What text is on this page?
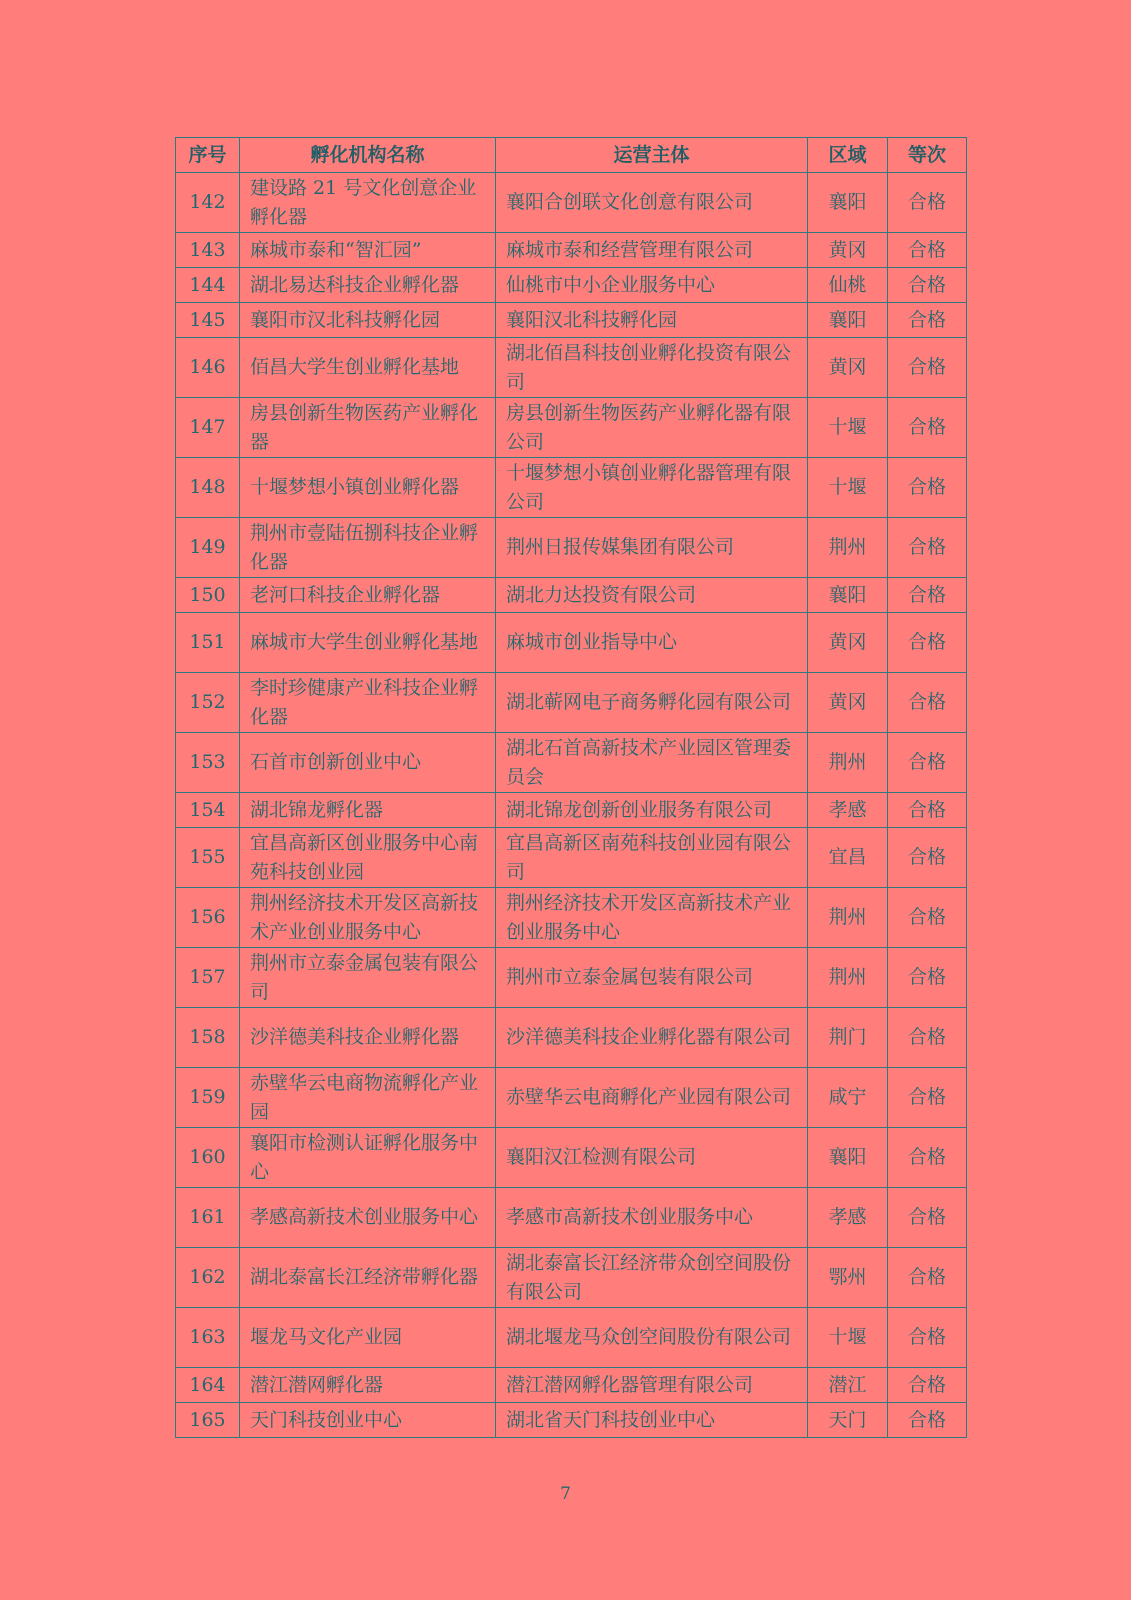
序号	孵化机构名称	运营主体	区域	等次
142	建设路 21 号文化创意企业孵化器	襄阳合创联文化创意有限公司	襄阳	合格
143	麻城市泰和“智汇园”	麻城市泰和经营管理有限公司	黄冈	合格
144	湖北易达科技企业孵化器	仙桃市中小企业服务中心	仙桃	合格
145	襄阳市汉北科技孵化园	襄阳汉北科技孵化园	襄阳	合格
146	佰昌大学生创业孵化基地	湖北佰昌科技创业孵化投资有限公司	黄冈	合格
147	房县创新生物医药产业孵化器	房县创新生物医药产业孵化器有限公司	十堰	合格
148	十堰梦想小镇创业孵化器	十堰梦想小镇创业孵化器管理有限公司	十堰	合格
149	荆州市壹陆伍捌科技企业孵化器	荆州日报传媒集团有限公司	荆州	合格
150	老河口科技企业孵化器	湖北力达投资有限公司	襄阳	合格
151	麻城市大学生创业孵化基地	麻城市创业指导中心	黄冈	合格
152	李时珍健康产业科技企业孵化器	湖北蕲网电子商务孵化园有限公司	黄冈	合格
153	石首市创新创业中心	湖北石首高新技术产业园区管理委员会	荆州	合格
154	湖北锦龙孵化器	湖北锦龙创新创业服务有限公司	孝感	合格
155	宜昌高新区创业服务中心南苑科技创业园	宜昌高新区南苑科技创业园有限公司	宜昌	合格
156	荆州经济技术开发区高新技术产业创业服务中心	荆州经济技术开发区高新技术产业创业服务中心	荆州	合格
157	荆州市立泰金属包装有限公司	荆州市立泰金属包装有限公司	荆州	合格
158	沙洋德美科技企业孵化器	沙洋德美科技企业孵化器有限公司	荆门	合格
159	赤壁华云电商物流孵化产业园	赤壁华云电商孵化产业园有限公司	咸宁	合格
160	襄阳市检测认证孵化服务中心	襄阳汉江检测有限公司	襄阳	合格
161	孝感高新技术创业服务中心	孝感市高新技术创业服务中心	孝感	合格
162	湖北泰富长江经济带孵化器	湖北泰富长江经济带众创空间股份有限公司	鄂州	合格
163	堰龙马文化产业园	湖北堰龙马众创空间股份有限公司	十堰	合格
164	潜江潜网孵化器	潜江潜网孵化器管理有限公司	潜江	合格
165	天门科技创业中心	湖北省天门科技创业中心	天门	合格
7
